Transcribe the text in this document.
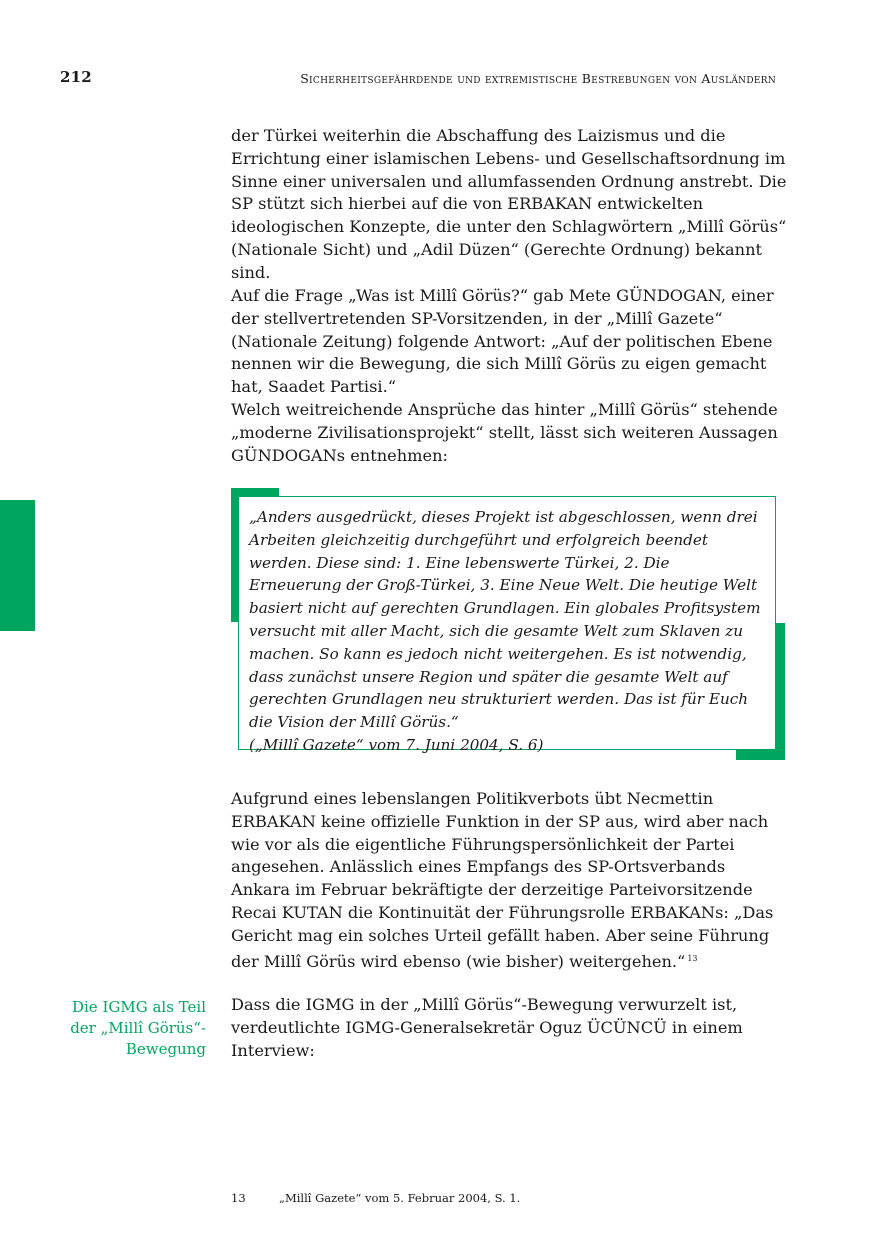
212	Sicherheitsgefährdende und extremistische Bestrebungen von Ausländern

der Türkei weiterhin die Abschaffung des Laizismus und die Errichtung einer islamischen Lebens- und Gesellschaftsordnung im Sinne einer universalen und allumfassenden Ordnung anstrebt. Die SP stützt sich hierbei auf die von ERBAKAN entwickelten ideologischen Konzepte, die unter den Schlagwörtern „Millî Görüs“ (Nationale Sicht) und „Adil Düzen“ (Gerechte Ordnung) bekannt sind.

Auf die Frage „Was ist Millî Görüs?“ gab Mete GÜNDOGAN, einer der stellvertretenden SP-Vorsitzenden, in der „Millî Gazete“ (Nationale Zeitung) folgende Antwort: „Auf der politischen Ebene nennen wir die Bewegung, die sich Millî Görüs zu eigen gemacht hat, Saadet Partisi.“

Welch weitreichende Ansprüche das hinter „Millî Görüs“ stehende „moderne Zivilisationsprojekt“ stellt, lässt sich weiteren Aussagen GÜNDOGANs entnehmen:

„Anders ausgedrückt, dieses Projekt ist abgeschlossen, wenn drei Arbeiten gleichzeitig durchgeführt und erfolgreich beendet werden. Diese sind: 1. Eine lebenswerte Türkei, 2. Die Erneuerung der Groß-Türkei, 3. Eine Neue Welt. Die heutige Welt basiert nicht auf gerechten Grundlagen. Ein globales Profitsystem versucht mit aller Macht, sich die gesamte Welt zum Sklaven zu machen. So kann es jedoch nicht weitergehen. Es ist notwendig, dass zunächst unsere Region und später die gesamte Welt auf gerechten Grundlagen neu strukturiert werden. Das ist für Euch die Vision der Millî Görüs.“
(„Millî Gazete“ vom 7. Juni 2004, S. 6)

Aufgrund eines lebenslangen Politikverbots übt Necmettin ERBAKAN keine offizielle Funktion in der SP aus, wird aber nach wie vor als die eigentliche Führungspersönlichkeit der Partei angesehen. Anlässlich eines Empfangs des SP-Ortsverbands Ankara im Februar bekräftigte der derzeitige Parteivorsitzende Recai KUTAN die Kontinuität der Führungsrolle ERBAKANs: „Das Gericht mag ein solches Urteil gefällt haben. Aber seine Führung der Millî Görüs wird ebenso (wie bisher) weitergehen.“ $^{13}$

Die IGMG als Teil der „Millî Görüs“-Bewegung

Dass die IGMG in der „Millî Görüs“-Bewegung verwurzelt ist, verdeutlichte IGMG-Generalsekretär Oguz ÜCÜNCÜ in einem Interview:

13	„Millî Gazete“ vom 5. Februar 2004, S. 1.
